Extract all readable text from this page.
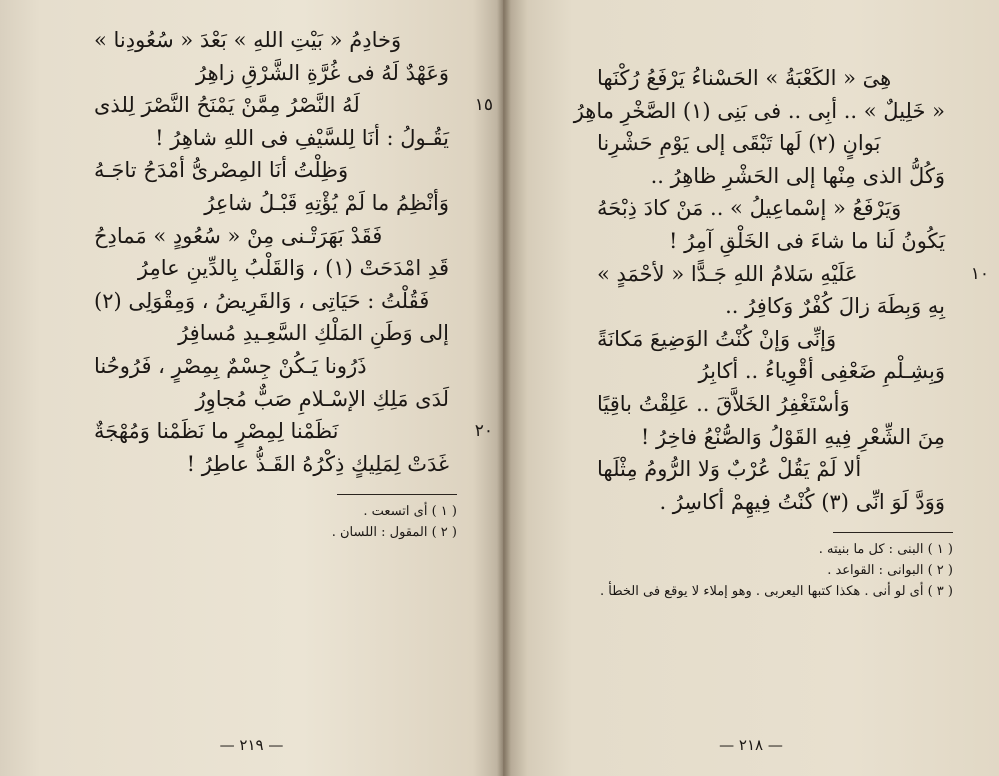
وَخادِمُ « بَيْتِ اللهِ » بَعْدَ « سُعُودِنا »
وَعَهْدٌ لَهُ فى غُرَّةِ الشَّرْقِ زاهِرُ
لَهُ النَّصْرُ مِمَّنْ يَمْنَحُ النَّصْرَ لِلذى	١٥
يَقُـولُ : أنَا لِلسَّيْفِ فى اللهِ شاهِرُ !
وَظِلْتُ أنَا المِصْرىُّ أمْدَحُ تاجَـهُ
وَأنْظِمُ ما لَمْ يُؤْتِهِ قَبْـلُ شاعِرُ
فَقَدْ بَهَرَتْـنى مِنْ « سُعُودٍ » مَمادِحُ
قَدِ امْدَحَتْ (١) ، وَالقَلْبُ بِالدِّينِ عامِرُ
فَقُلْتُ : حَيَاتِى ، وَالقَرِيضُ ، وَمِقْوَلِى (٢)
إلى وَطَنِ المَلْكِ السَّعِـيدِ مُسافِرُ
ذَرُونا يَـكُنْ جِسْمٌ بِمِصْرٍ ، فَرُوحُنا
لَدَى مَلِكِ الإسْـلامِ صَبٌّ مُجاوِرُ
نَظَمْنا لِمِصْرٍ ما نَظَمْنا وَمُهْجَةٌ	٢٠
غَدَتْ لِمَلِيكٍ ذِكْرُهُ القَـذُّ عاطِرُ !
( ١ ) أى اتسعت .
( ٢ ) المقول : اللسان .
— ٢١٩ —
هِىَ « الكَعْبَةُ » الحَسْناءُ يَرْفَعُ رُكْنَها
« خَلِيلٌ » .. أبِى .. فى بَنِى (١) الصَّخْرِ ماهِرُ
بَوانٍ (٢) لَها تَبْقَى إلى يَوْمِ حَشْرِنا
وَكُلُّ الذى مِنْها إلى الحَشْرِ ظاهِرُ ..
وَيَرْفَعُ « إسْماعِيلُ » .. مَنْ كادَ ذِبْحَهُ
يَكُونُ لَنا ما شاءَ فى الخَلْقِ آمِرُ !
عَلَيْهِ سَلامُ اللهِ جَـدًّا « لأحْمَدٍ »	١٠
بِهِ وَبِطَهَ زالَ كُفْرٌ وَكافِرُ ..
وَإنِّى وَإنْ كُنْتُ الوَضِيعَ مَكانَةً
وَبِشِـلْمِ ضَعْفِى أقْوِياءُ .. أكابِرُ
وَأسْتَغْفِرُ الخَلاَّقَ .. عَلِقْتُ باقِيًا
مِنَ الشِّعْرِ فِيهِ القَوْلُ وَالصُّنْعُ فاخِرُ !
ألا لَمْ يَقُلْ عُرْبٌ وَلا الرُّومُ مِثْلَها
وَوَدَّ لَوَ انِّى (٣) كُنْتُ فِيهِمْ أكاسِرُ .
( ١ ) البنى : كل ما بنيته .
( ٢ ) البوانى : القواعد .
( ٣ ) أى لو أنى . هكذا كتبها اليعربى . وهو إملاء لا يوقع فى الخطأ .
— ٢١٨ —
